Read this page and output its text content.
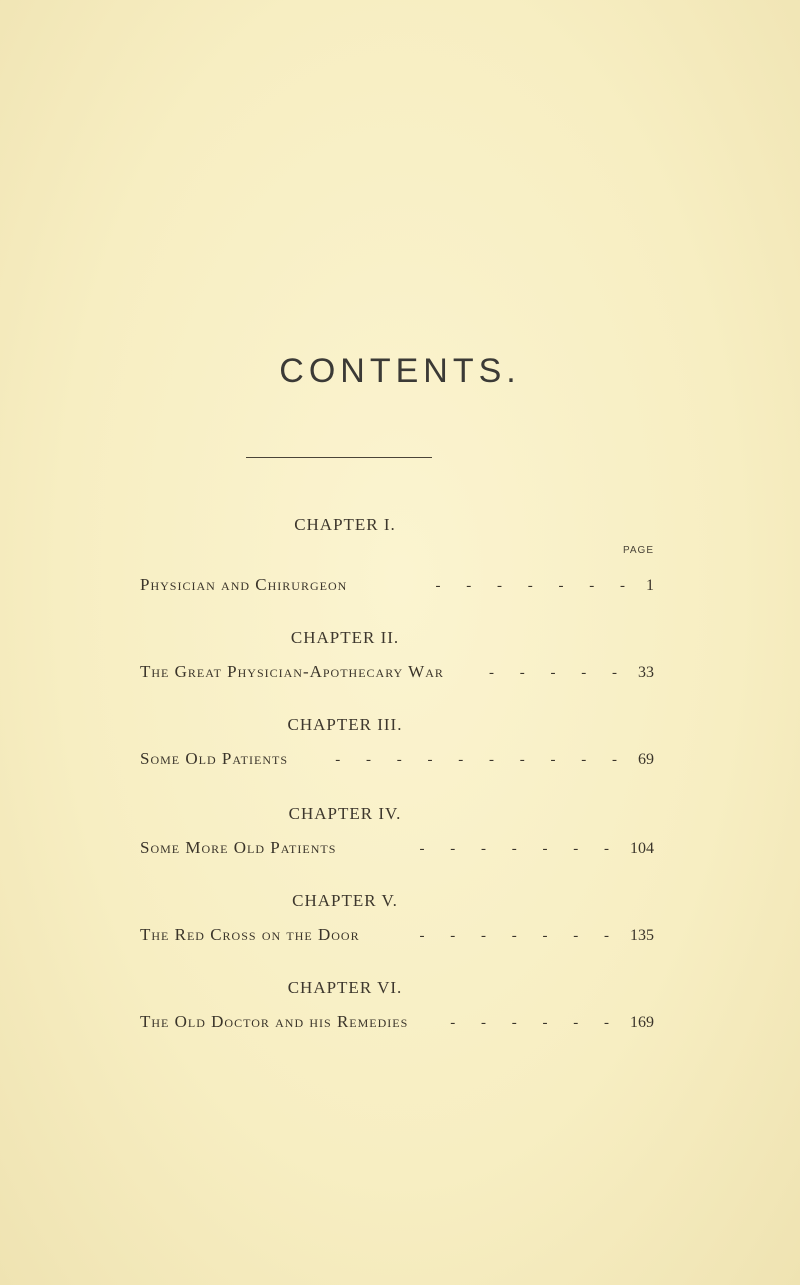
CONTENTS.
CHAPTER I.
PAGE
Physician and Chirurgeon	- - - - - - - 1
CHAPTER II.
The Great Physician-Apothecary War	- - - - - 33
CHAPTER III.
Some Old Patients	- - - - - - - - - - 69
CHAPTER IV.
Some More Old Patients	- - - - - - - 104
CHAPTER V.
The Red Cross on the Door	- - - - - - - 135
CHAPTER VI.
The Old Doctor and his Remedies	- - - - - - 169
